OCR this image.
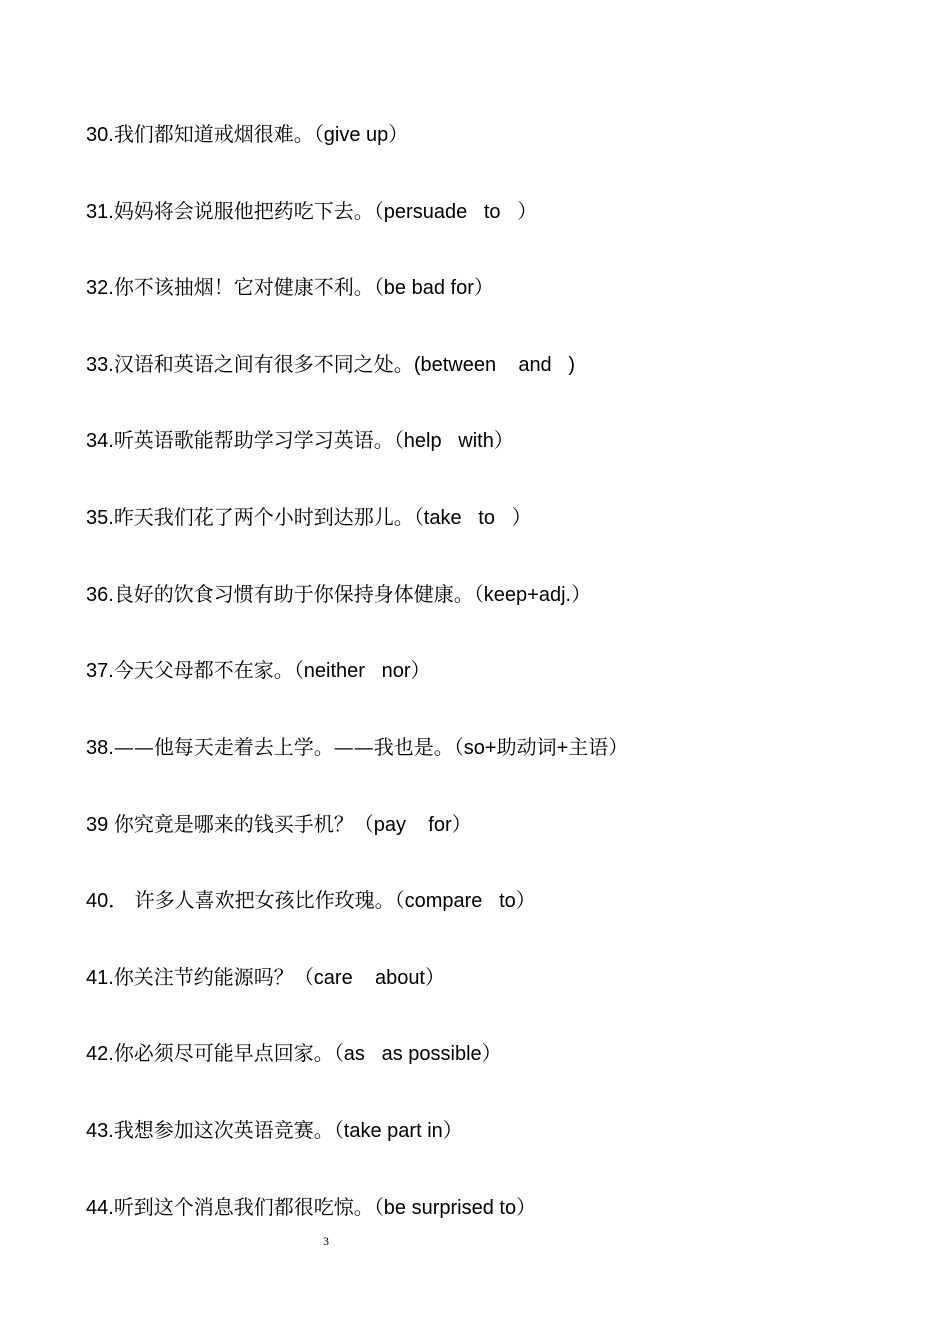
30.我们都知道戒烟很难。（give up）
31.妈妈将会说服他把药吃下去。（persuade   to   ）
32.你不该抽烟！它对健康不利。（be bad for）
33.汉语和英语之间有很多不同之处。(between    and   )
34.听英语歌能帮助学习学习英语。（help   with）
35.昨天我们花了两个小时到达那儿。（take   to   ）
36.良好的饮食习惯有助于你保持身体健康。（keep+adj.）
37.今天父母都不在家。（neither   nor）
38.——他每天走着去上学。——我也是。（so+助动词+主语）
39 你究竟是哪来的钱买手机？（pay    for）
40． 许多人喜欢把女孩比作玫瑰。（compare   to）
41.你关注节约能源吗？（care    about）
42.你必须尽可能早点回家。（as   as possible）
43.我想参加这次英语竞赛。（take part in）
44.听到这个消息我们都很吃惊。（be surprised to）
3
